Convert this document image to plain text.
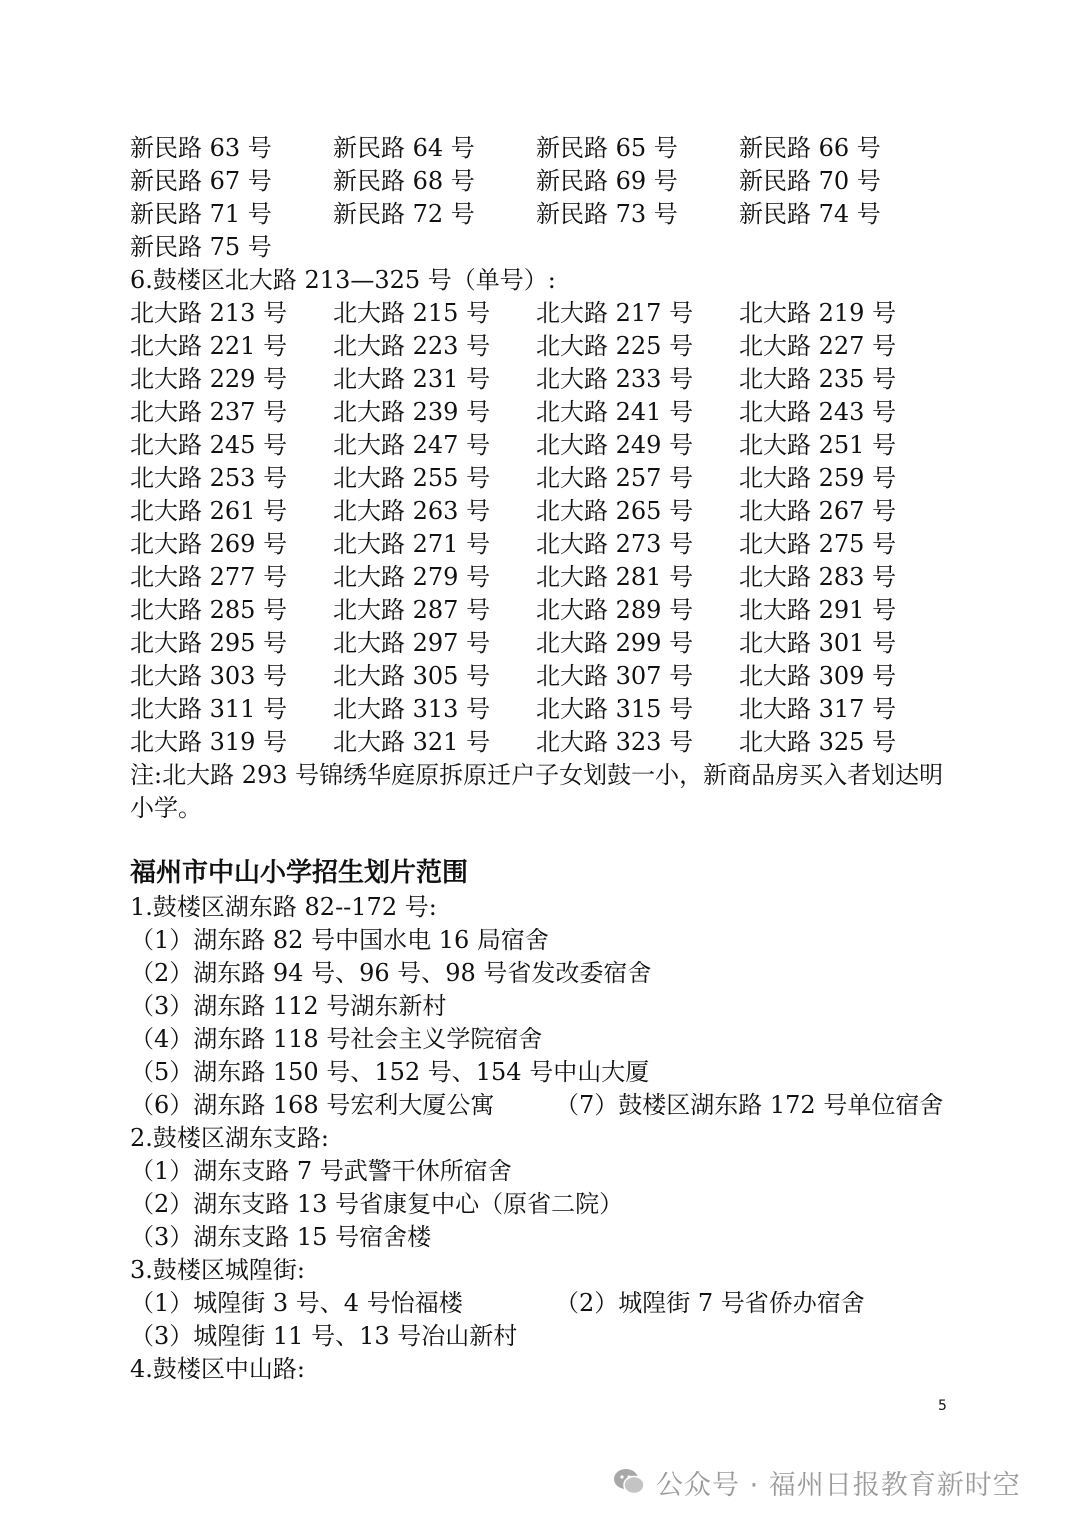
新民路 63 号	新民路 64 号	新民路 65 号	新民路 66 号
新民路 67 号	新民路 68 号	新民路 69 号	新民路 70 号
新民路 71 号	新民路 72 号	新民路 73 号	新民路 74 号
新民路 75 号
6.鼓楼区北大路 213—325 号（单号）:
北大路 213 号 北大路 215 号 北大路 217 号 北大路 219 号
北大路 221 号 北大路 223 号 北大路 225 号 北大路 227 号
北大路 229 号 北大路 231 号 北大路 233 号 北大路 235 号
北大路 237 号 北大路 239 号 北大路 241 号 北大路 243 号
北大路 245 号 北大路 247 号 北大路 249 号 北大路 251 号
北大路 253 号 北大路 255 号 北大路 257 号 北大路 259 号
北大路 261 号 北大路 263 号 北大路 265 号 北大路 267 号
北大路 269 号 北大路 271 号 北大路 273 号 北大路 275 号
北大路 277 号 北大路 279 号 北大路 281 号 北大路 283 号
北大路 285 号 北大路 287 号 北大路 289 号 北大路 291 号
北大路 295 号 北大路 297 号 北大路 299 号 北大路 301 号
北大路 303 号 北大路 305 号 北大路 307 号 北大路 309 号
北大路 311 号 北大路 313 号 北大路 315 号 北大路 317 号
北大路 319 号 北大路 321 号 北大路 323 号 北大路 325 号
注:北大路 293 号锦绣华庭原拆原迁户子女划鼓一小，新商品房买入者划达明小学。
福州市中山小学招生划片范围
1.鼓楼区湖东路 82--172 号:
（1）湖东路 82 号中国水电 16 局宿舍
（2）湖东路 94 号、96 号、98 号省发改委宿舍
（3）湖东路 112 号湖东新村
（4）湖东路 118 号社会主义学院宿舍
（5）湖东路 150 号、152 号、154 号中山大厦
（6）湖东路 168 号宏利大厦公寓	（7）鼓楼区湖东路 172 号单位宿舍
2.鼓楼区湖东支路:
（1）湖东支路 7 号武警干休所宿舍
（2）湖东支路 13 号省康复中心（原省二院）
（3）湖东支路 15 号宿舍楼
3.鼓楼区城隍街:
（1）城隍街 3 号、4 号怡福楼	（2）城隍街 7 号省侨办宿舍
（3）城隍街 11 号、13 号冶山新村
4.鼓楼区中山路:
5
公众号 · 福州日报教育新时空
